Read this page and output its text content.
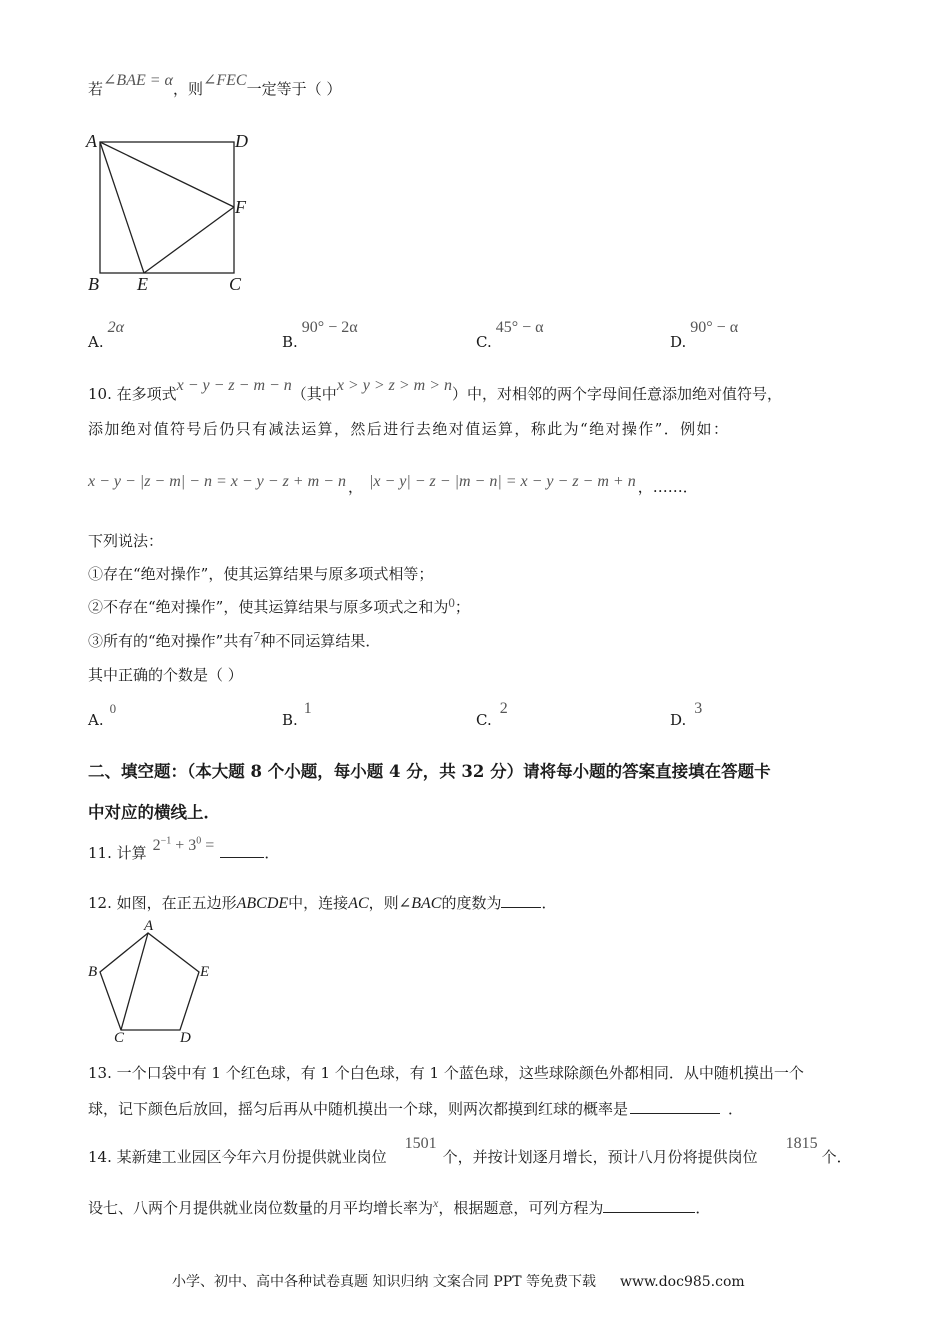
若∠BAE = α，则∠FEC一定等于（ ）
A	D
F
B E	C
A.2α
B.90° − 2α
C.45° − α
D.90° − α
10. 在多项式x − y − z − m − n（其中x > y > z > m > n）中，对相邻的两个字母间任意添加绝对值符号，
添加绝对值符号后仍只有减法运算，然后进行去绝对值运算，称此为“绝对操作”．例如：
x − y − |z − m| − n = x − y − z + m − n ， |x − y| − z − |m − n| = x − y − z − m + n ，……．
下列说法：
①存在“绝对操作”，使其运算结果与原多项式相等；
②不存在“绝对操作”，使其运算结果与原多项式之和为0；
③所有的“绝对操作”共有7种不同运算结果．
其中正确的个数是（ ）
A.0
B.1
C.2
D.3
二、填空题：（本大题 8 个小题，每小题 4 分，共 32 分）请将每小题的答案直接填在答题卡
中对应的横线上．
11. 计算 $2^{-1} + 3^0$ =	．
12. 如图，在正五边形ABCDE中，连接AC，则∠BAC的度数为	．
A
B	E
C	D
13. 一个口袋中有 1 个红色球，有 1 个白色球，有 1 个蓝色球，这些球除颜色外都相同．从中随机摸出一个
球，记下颜色后放回，摇匀后再从中随机摸出一个球，则两次都摸到红球的概率是	．
14. 某新建工业园区今年六月份提供就业岗位1501个，并按计划逐月增长，预计八月份将提供岗位1815个．
设七、八两个月提供就业岗位数量的月平均增长率为$^x$，根据题意，可列方程为	．
小学、初中、高中各种试卷真题 知识归纳 文案合同 PPT 等免费下载 www.doc985.com
